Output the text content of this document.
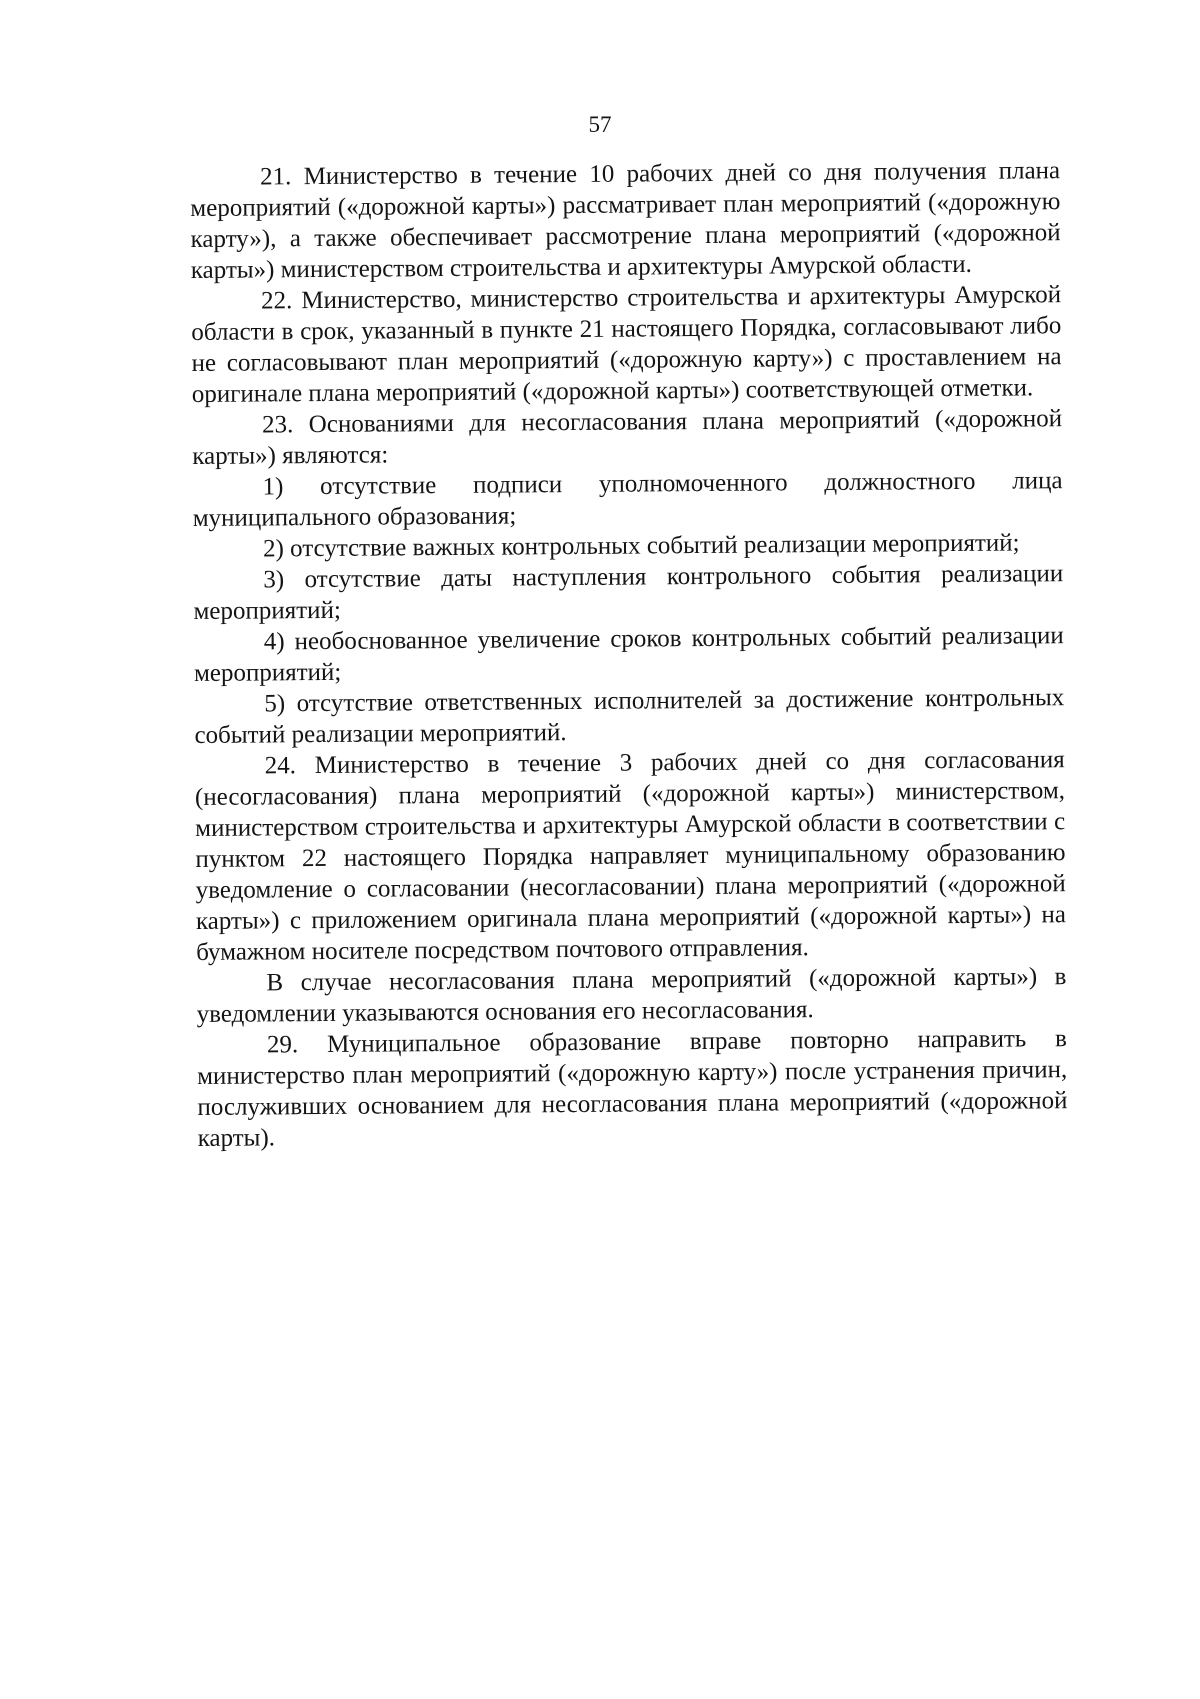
57

21. Министерство в течение 10 рабочих дней со дня получения плана мероприятий («дорожной карты») рассматривает план мероприятий («дорожную карту»), а также обеспечивает рассмотрение плана мероприятий («дорожной карты») министерством строительства и архитектуры Амурской области.

22. Министерство, министерство строительства и архитектуры Амурской области в срок, указанный в пункте 21 настоящего Порядка, согласовывают либо не согласовывают план мероприятий («дорожную карту») с проставлением на оригинале плана мероприятий («дорожной карты») соответствующей отметки.

23. Основаниями для несогласования плана мероприятий («дорожной карты») являются:

1) отсутствие подписи уполномоченного должностного лица муниципального образования;

2) отсутствие важных контрольных событий реализации мероприятий;

3) отсутствие даты наступления контрольного события реализации мероприятий;

4) необоснованное увеличение сроков контрольных событий реализации мероприятий;

5) отсутствие ответственных исполнителей за достижение контрольных событий реализации мероприятий.

24. Министерство в течение 3 рабочих дней со дня согласования (несогласования) плана мероприятий («дорожной карты») министерством, министерством строительства и архитектуры Амурской области в соответствии с пунктом 22 настоящего Порядка направляет муниципальному образованию уведомление о согласовании (несогласовании) плана мероприятий («дорожной карты») с приложением оригинала плана мероприятий («дорожной карты») на бумажном носителе посредством почтового отправления.

В случае несогласования плана мероприятий («дорожной карты») в уведомлении указываются основания его несогласования.

29. Муниципальное образование вправе повторно направить в министерство план мероприятий («дорожную карту») после устранения причин, послуживших основанием для несогласования плана мероприятий («дорожной карты).
